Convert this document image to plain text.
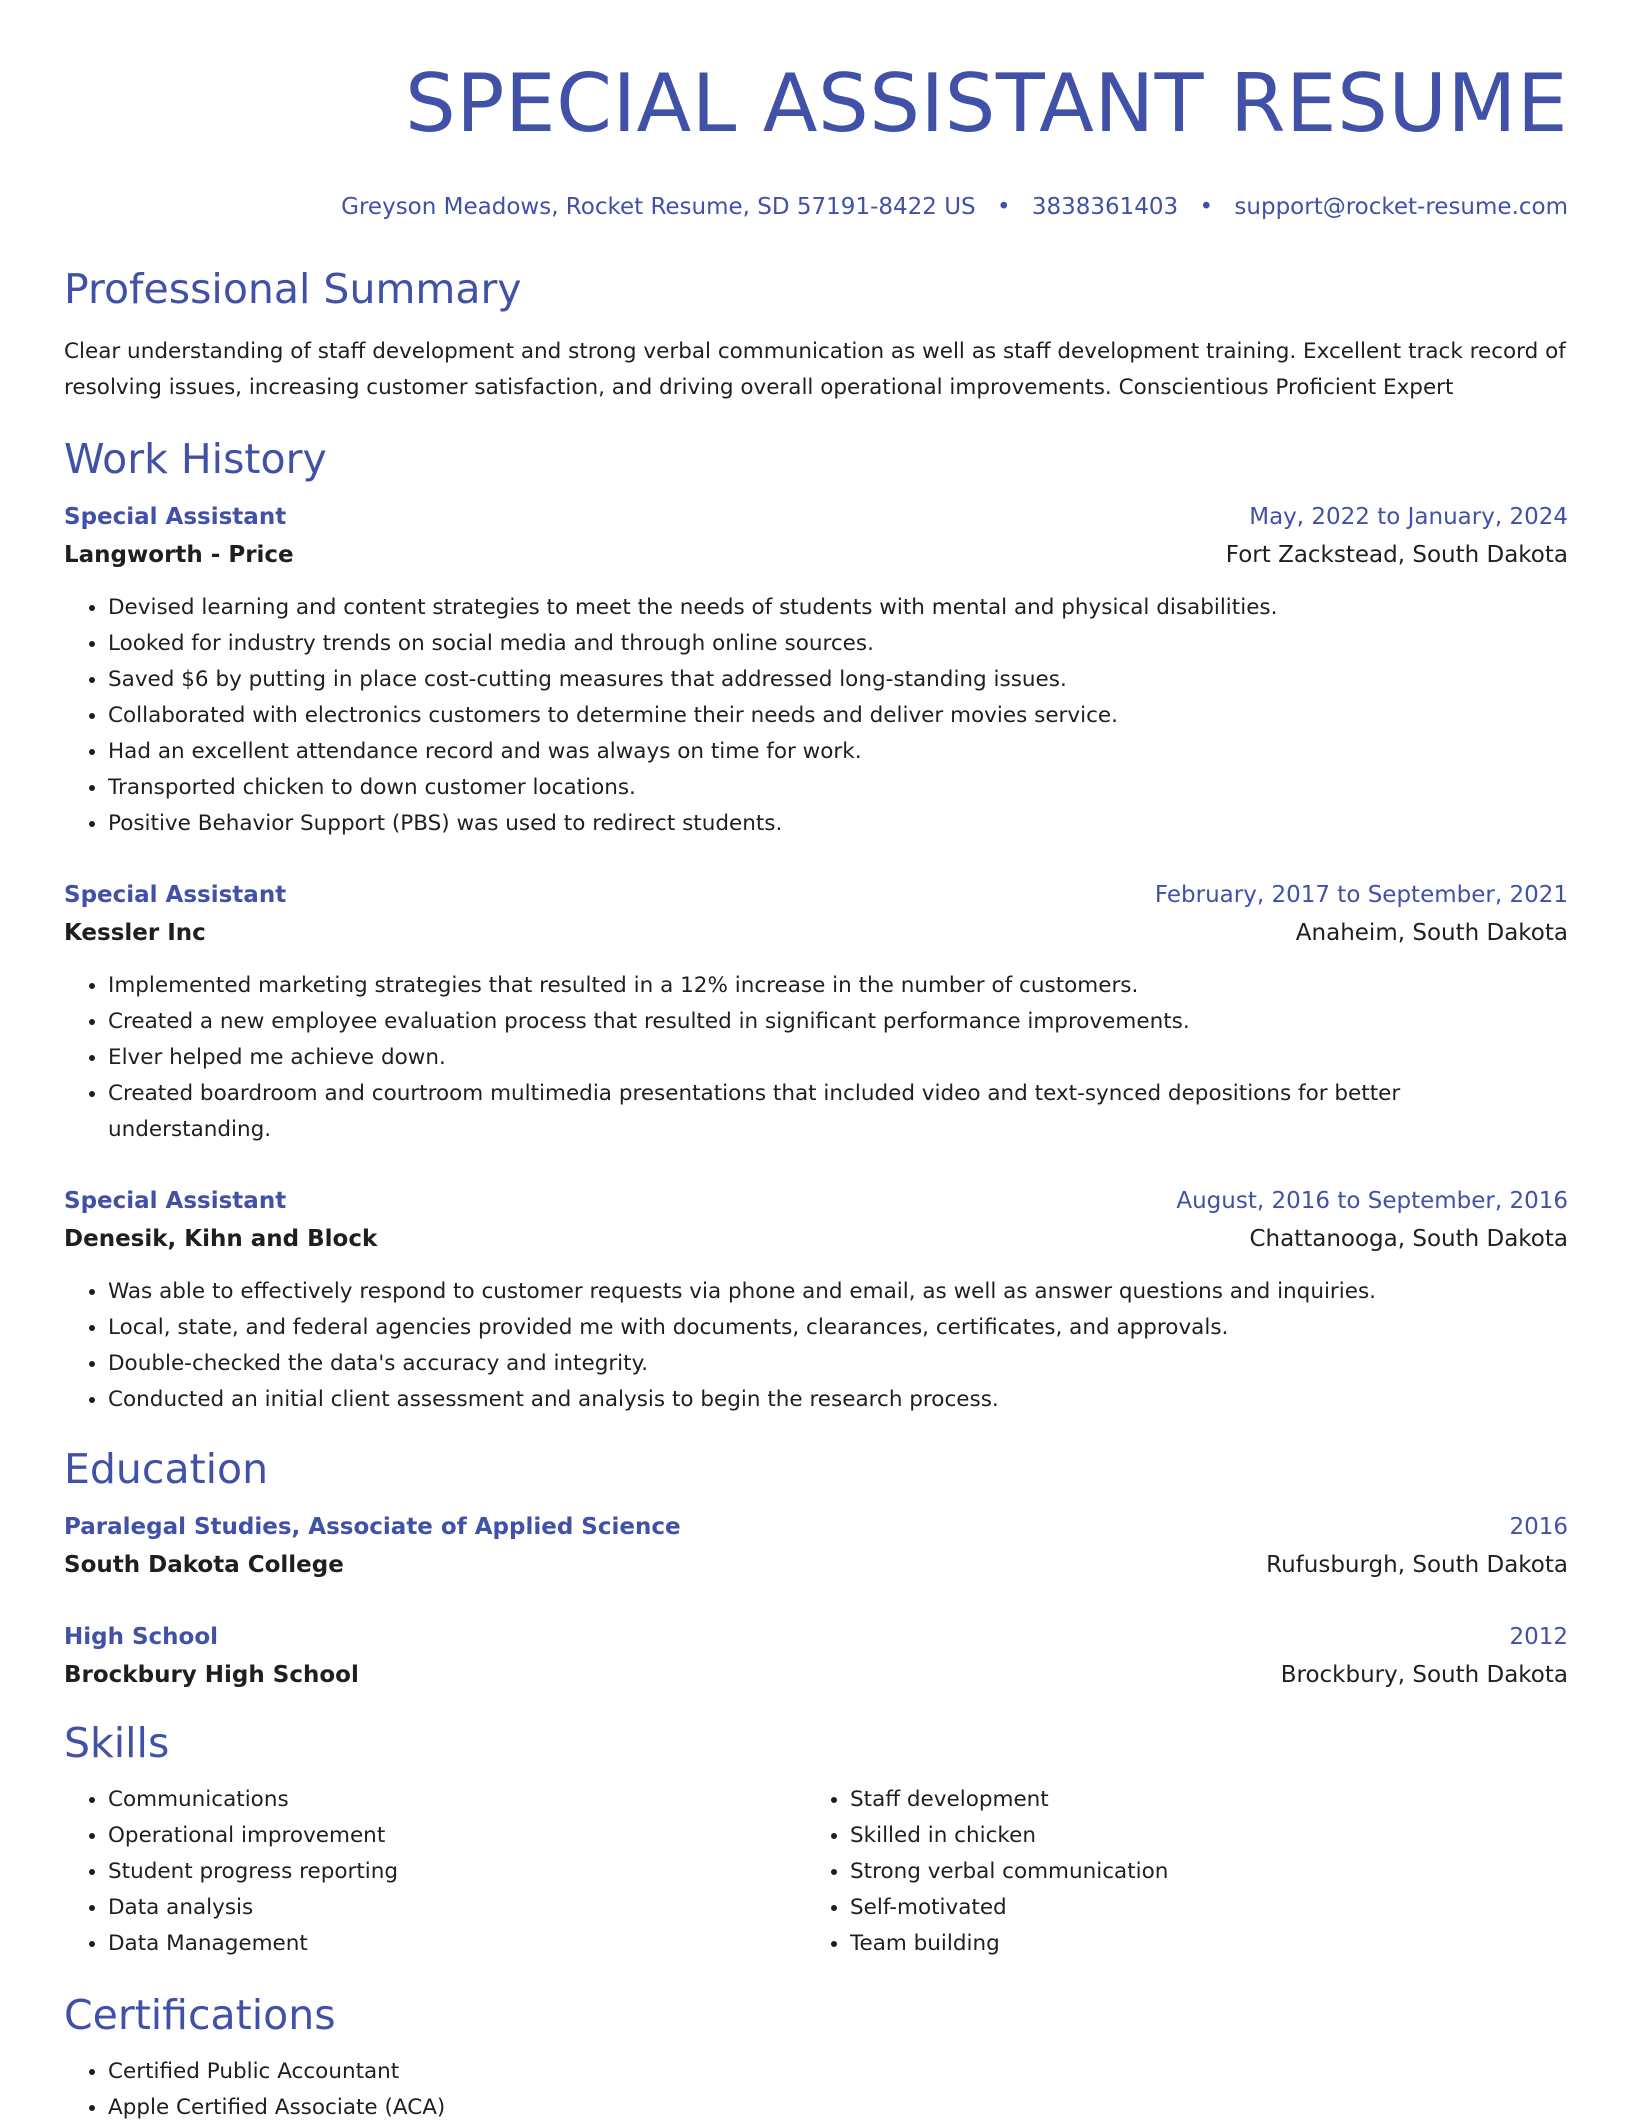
SPECIAL ASSISTANT RESUME
Greyson Meadows, Rocket Resume, SD 57191-8422 US • 3838361403 • support@rocket-resume.com
Professional Summary

Clear understanding of staff development and strong verbal communication as well as staff development training. Excellent track record of resolving issues, increasing customer satisfaction, and driving overall operational improvements. Conscientious Proficient Expert

Work History
Special Assistant	May, 2022 to January, 2024
Langworth - Price	Fort Zackstead, South Dakota
• Devised learning and content strategies to meet the needs of students with mental and physical disabilities.
• Looked for industry trends on social media and through online sources.
• Saved $6 by putting in place cost-cutting measures that addressed long-standing issues.
• Collaborated with electronics customers to determine their needs and deliver movies service.
• Had an excellent attendance record and was always on time for work.
• Transported chicken to down customer locations.
• Positive Behavior Support (PBS) was used to redirect students.
Special Assistant	February, 2017 to September, 2021
Kessler Inc	Anaheim, South Dakota
• Implemented marketing strategies that resulted in a 12% increase in the number of customers.
• Created a new employee evaluation process that resulted in significant performance improvements.
• Elver helped me achieve down.
• Created boardroom and courtroom multimedia presentations that included video and text-synced depositions for better understanding.
Special Assistant	August, 2016 to September, 2016
Denesik, Kihn and Block	Chattanooga, South Dakota
• Was able to effectively respond to customer requests via phone and email, as well as answer questions and inquiries.
• Local, state, and federal agencies provided me with documents, clearances, certificates, and approvals.
• Double-checked the data's accuracy and integrity.
• Conducted an initial client assessment and analysis to begin the research process.
Education
Paralegal Studies, Associate of Applied Science	2016
South Dakota College	Rufusburgh, South Dakota
High School	2012
Brockbury High School	Brockbury, South Dakota
Skills
• Communications
• Operational improvement
• Student progress reporting
• Data analysis
• Data Management
• Staff development
• Skilled in chicken
• Strong verbal communication
• Self-motivated
• Team building
Certifications
• Certified Public Accountant
• Apple Certified Associate (ACA)
